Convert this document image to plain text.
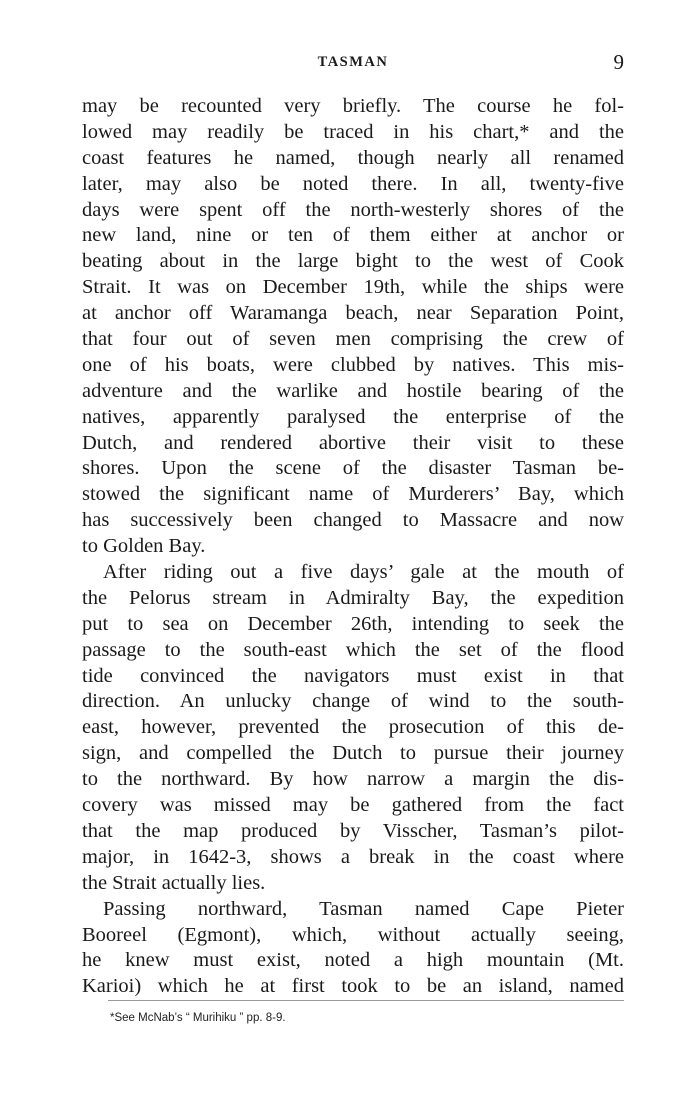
TASMAN	9
may be recounted very briefly. The course he fol-
lowed may readily be traced in his chart,* and the
coast features he named, though nearly all renamed
later, may also be noted there. In all, twenty-five
days were spent off the north-westerly shores of the
new land, nine or ten of them either at anchor or
beating about in the large bight to the west of Cook
Strait. It was on December 19th, while the ships were
at anchor off Waramanga beach, near Separation Point,
that four out of seven men comprising the crew of
one of his boats, were clubbed by natives. This mis-
adventure and the warlike and hostile bearing of the
natives, apparently paralysed the enterprise of the
Dutch, and rendered abortive their visit to these
shores. Upon the scene of the disaster Tasman be-
stowed the significant name of Murderers’ Bay, which
has successively been changed to Massacre and now
to Golden Bay.
After riding out a five days’ gale at the mouth of
the Pelorus stream in Admiralty Bay, the expedition
put to sea on December 26th, intending to seek the
passage to the south-east which the set of the flood
tide convinced the navigators must exist in that
direction. An unlucky change of wind to the south-
east, however, prevented the prosecution of this de-
sign, and compelled the Dutch to pursue their journey
to the northward. By how narrow a margin the dis-
covery was missed may be gathered from the fact
that the map produced by Visscher, Tasman’s pilot-
major, in 1642-3, shows a break in the coast where
the Strait actually lies.
Passing northward, Tasman named Cape Pieter
Booreel (Egmont), which, without actually seeing,
he knew must exist, noted a high mountain (Mt.
Karioi) which he at first took to be an island, named
*See McNab’s “ Murihiku ” pp. 8-9.
